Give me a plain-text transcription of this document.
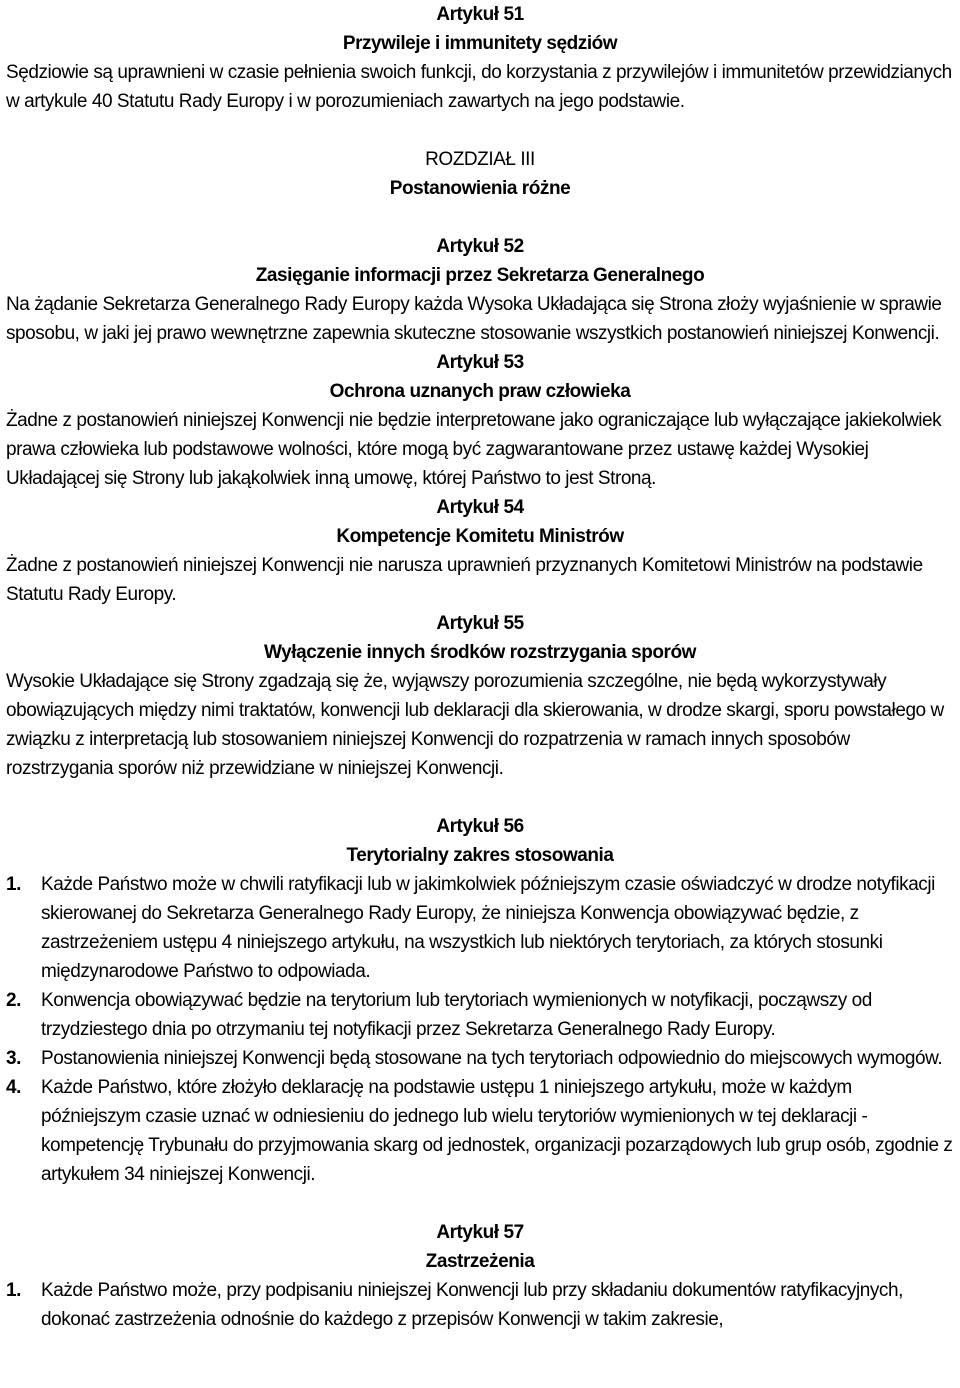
Artykuł 51
Przywileje i immunitety sędziów

Sędziowie są uprawnieni w czasie pełnienia swoich funkcji, do korzystania z przywilejów i immunitetów przewidzianych w artykule 40 Statutu Rady Europy i w porozumieniach zawartych na jego podstawie.

ROZDZIAŁ III
Postanowienia różne
Artykuł 52
Zasięganie informacji przez Sekretarza Generalnego

Na żądanie Sekretarza Generalnego Rady Europy każda Wysoka Układająca się Strona złoży wyjaśnienie w sprawie sposobu, w jaki jej prawo wewnętrzne zapewnia skuteczne stosowanie wszystkich postanowień niniejszej Konwencji.

Artykuł 53
Ochrona uznanych praw człowieka

Żadne z postanowień niniejszej Konwencji nie będzie interpretowane jako ograniczające lub wyłączające jakiekolwiek prawa człowieka lub podstawowe wolności, które mogą być zagwarantowane przez ustawę każdej Wysokiej Układającej się Strony lub jakąkolwiek inną umowę, której Państwo to jest Stroną.

Artykuł 54
Kompetencje Komitetu Ministrów

Żadne z postanowień niniejszej Konwencji nie narusza uprawnień przyznanych Komitetowi Ministrów na podstawie Statutu Rady Europy.

Artykuł 55
Wyłączenie innych środków rozstrzygania sporów

Wysokie Układające się Strony zgadzają się że, wyjąwszy porozumienia szczególne, nie będą wykorzystywały obowiązujących między nimi traktatów, konwencji lub deklaracji dla skierowania, w drodze skargi, sporu powstałego w związku z interpretacją lub stosowaniem niniejszej Konwencji do rozpatrzenia w ramach innych sposobów rozstrzygania sporów niż przewidziane w niniejszej Konwencji.

Artykuł 56
Terytorialny zakres stosowania
1.	Każde Państwo może w chwili ratyfikacji lub w jakimkolwiek późniejszym czasie oświadczyć w drodze notyfikacji skierowanej do Sekretarza Generalnego Rady Europy, że niniejsza Konwencja obowiązywać będzie, z zastrzeżeniem ustępu 4 niniejszego artykułu, na wszystkich lub niektórych terytoriach, za których stosunki międzynarodowe Państwo to odpowiada.
2.	Konwencja obowiązywać będzie na terytorium lub terytoriach wymienionych w notyfikacji, począwszy od trzydziestego dnia po otrzymaniu tej notyfikacji przez Sekretarza Generalnego Rady Europy.
3.	Postanowienia niniejszej Konwencji będą stosowane na tych terytoriach odpowiednio do miejscowych wymogów.
4.	Każde Państwo, które złożyło deklarację na podstawie ustępu 1 niniejszego artykułu, może w każdym późniejszym czasie uznać w odniesieniu do jednego lub wielu terytoriów wymienionych w tej deklaracji - kompetencję Trybunału do przyjmowania skarg od jednostek, organizacji pozarządowych lub grup osób, zgodnie z artykułem 34 niniejszej Konwencji.
Artykuł 57
Zastrzeżenia
1.	Każde Państwo może, przy podpisaniu niniejszej Konwencji lub przy składaniu dokumentów ratyfikacyjnych, dokonać zastrzeżenia odnośnie do każdego z przepisów Konwencji w takim zakresie,
